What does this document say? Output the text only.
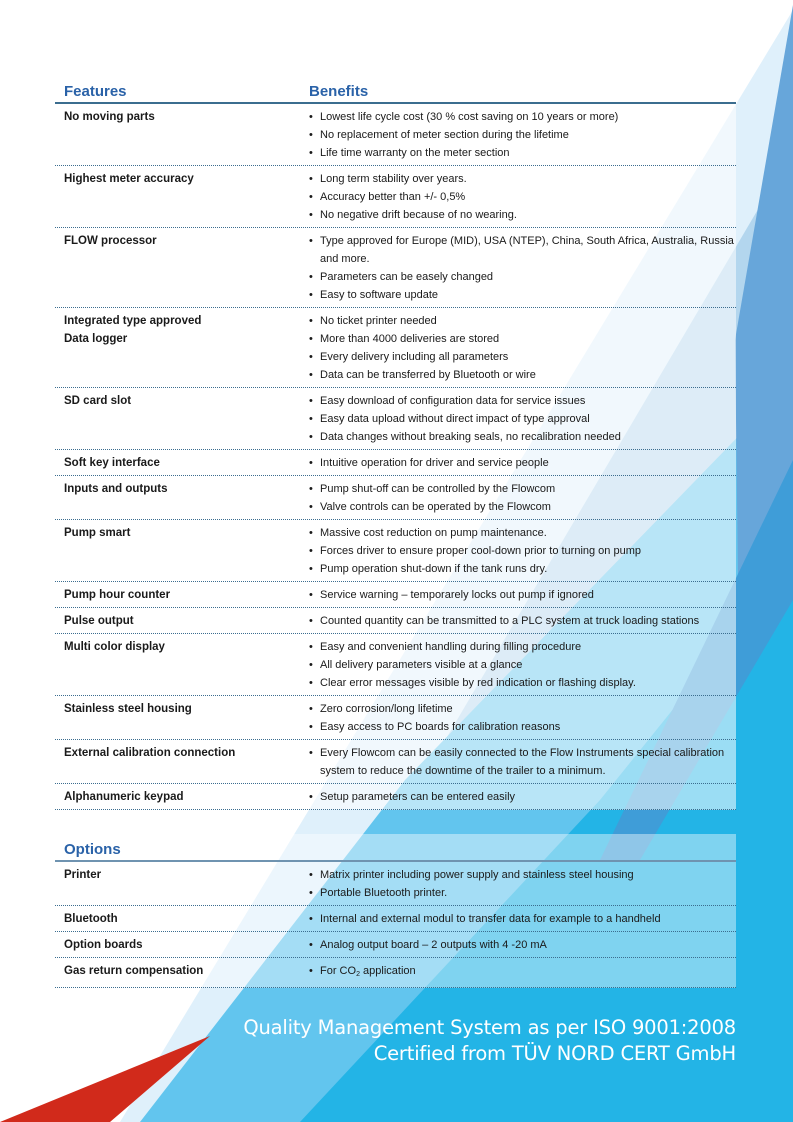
Features	Benefits
No moving parts	• Lowest life cycle cost (30 % cost saving on 10 years or more)
• No replacement of meter section during the lifetime
• Life time warranty on the meter section
Highest meter accuracy	• Long term stability over years.
• Accuracy better than +/- 0,5%
• No negative drift because of no wearing.
FLOW processor	• Type approved for Europe (MID), USA (NTEP), China, South Africa, Australia, Russia and more.
• Parameters can be easely changed
• Easy to software update
Integrated type approved
Data logger
• No ticket printer needed
• More than 4000 deliveries are stored
• Every delivery including all parameters
• Data can be transferred by Bluetooth or wire
SD card slot	• Easy download of configuration data for service issues
• Easy data upload without direct impact of type approval
• Data changes without breaking seals, no recalibration needed
Soft key interface	• Intuitive operation for driver and service people
Inputs and outputs	• Pump shut-off can be controlled by the Flowcom
• Valve controls can be operated by the Flowcom
Pump smart	• Massive cost reduction on pump maintenance.
• Forces driver to ensure proper cool-down prior to turning on pump
• Pump operation shut-down if the tank runs dry.
Pump hour counter	• Service warning – temporarely locks out pump if ignored
Pulse output	• Counted quantity can be transmitted to a PLC system at truck loading stations
Multi color display	• Easy and convenient handling during filling procedure
• All delivery parameters visible at a glance
• Clear error messages visible by red indication or flashing display.
Stainless steel housing	• Zero corrosion/long lifetime
• Easy access to PC boards for calibration reasons
External calibration connection	• Every Flowcom can be easily connected to the Flow Instruments special calibration system to reduce the downtime of the trailer to a minimum.
Alphanumeric keypad	• Setup parameters can be entered easily
Options
Printer	• Matrix printer including power supply and stainless steel housing
• Portable Bluetooth printer.
Bluetooth	• Internal and external modul to transfer data for example to a handheld
Option boards	• Analog output board – 2 outputs with 4 -20 mA
Gas return compensation	• For $CO_2$ application
Quality Management System as per ISO 9001:2008
Certified from TÜV NORD CERT GmbH
